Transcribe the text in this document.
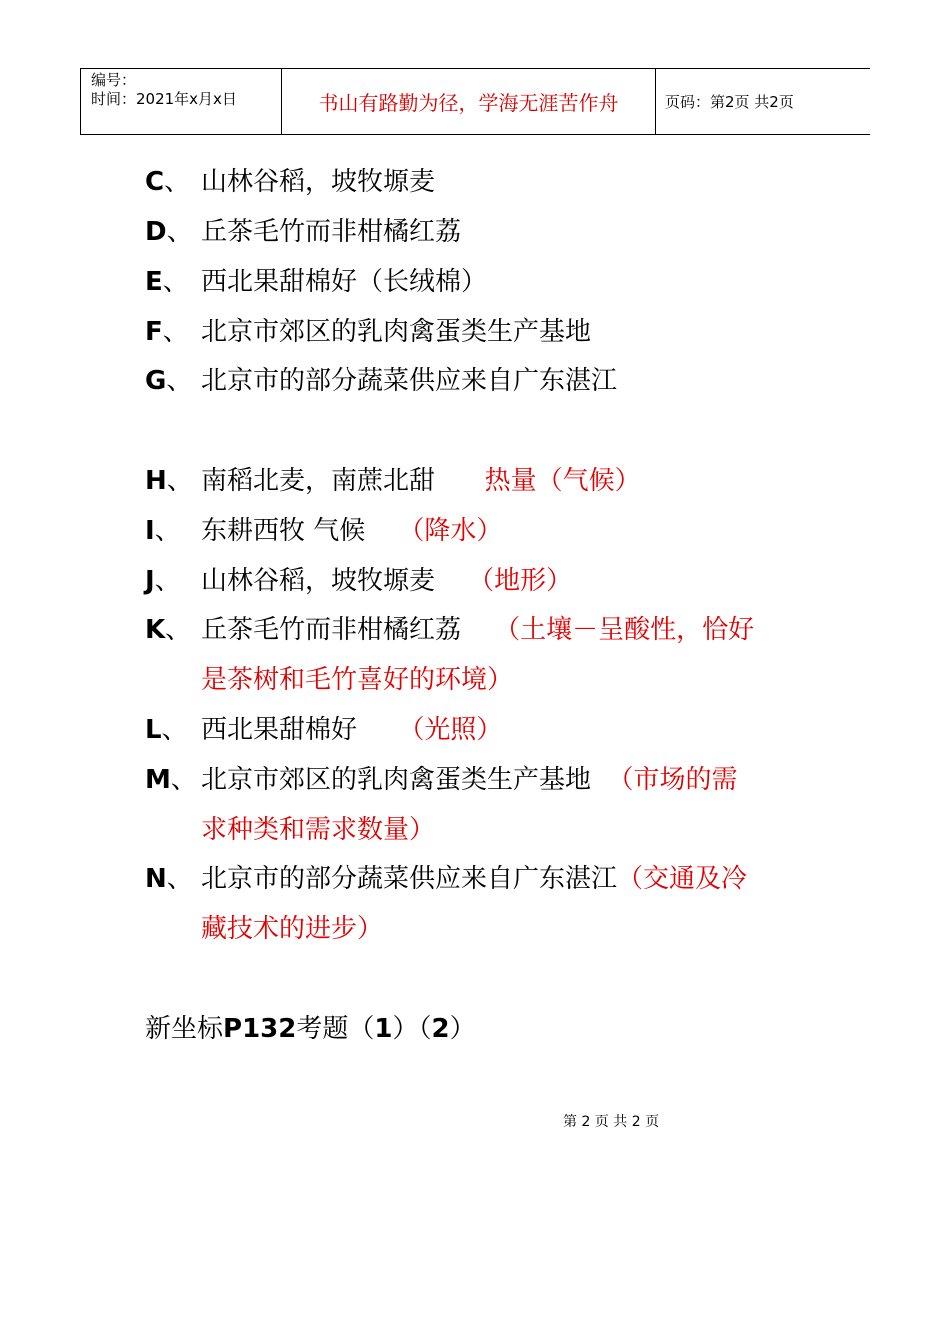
编号：
时间：2021年x月x日	书山有路勤为径，学海无涯苦作舟	页码：第2页 共2页
C、 山林谷稻，坡牧塬麦
D、 丘茶毛竹而非柑橘红荔
E、 西北果甜棉好（长绒棉）
F、 北京市郊区的乳肉禽蛋类生产基地
G、 北京市的部分蔬菜供应来自广东湛江
H、 南稻北麦，南蔗北甜 热量（气候）
I、 东耕西牧 气候 （降水）
J、 山林谷稻，坡牧塬麦 （地形）
K、 丘茶毛竹而非柑橘红荔 （土壤－呈酸性，恰好
是茶树和毛竹喜好的环境）
L、 西北果甜棉好 （光照）
M、 北京市郊区的乳肉禽蛋类生产基地 （市场的需
求种类和需求数量）
N、 北京市的部分蔬菜供应来自广东湛江（交通及冷
藏技术的进步）
新坐标P132考题（1）（2）
第 2 页 共 2 页
